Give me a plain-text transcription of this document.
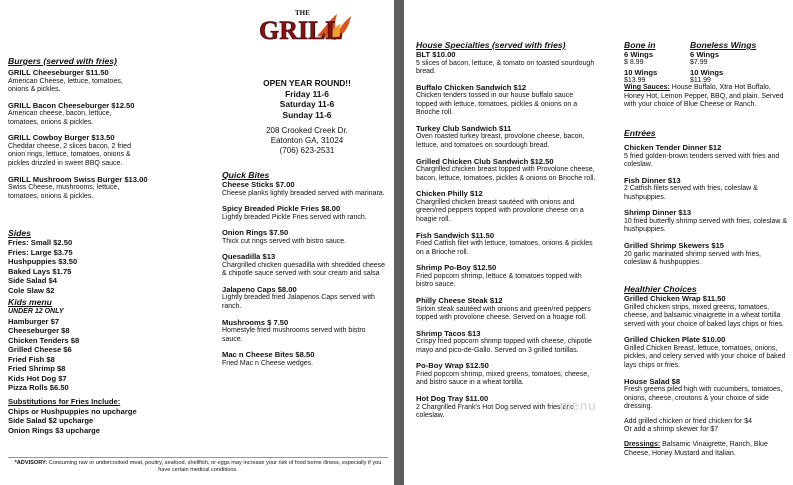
THE
GRILL
Burgers (served with fries)
GRILL Cheeseburger $11.50
American Cheese, lettuce, tomatoes, onions & pickles.
GRILL Bacon Cheeseburger $12.50
American cheese, bacon, lettuce, tomatoes, onions & pickles.
GRILL Cowboy Burger $13.50
Cheddar cheese, 2 slices bacon, 2 fried onion rings, lettuce, tomatoes, onions & pickles drizzled in sweet BBQ sauce.
GRILL Mushroom Swiss Burger $13.00
Swiss Cheese, mushrooms, lettuce, tomatoes, onions & pickles.
Sides
Fries: Small $2.50
Fries: Large $3.75
Hushpuppies $3.50
Baked Lays $1.75
Side Salad $4
Cole Slaw $2
Kids menu
UNDER 12 ONLY
Hamburger $7
Cheeseburger $8
Chicken Tenders $8
Grilled Cheese $6
Fried Fish $8
Fried Shrimp $8
Kids Hot Dog $7
Pizza Rolls $6.50
Substitutions for Fries Include:
Chips or Hushpuppies no upcharge
Side Salad $2 upcharge
Onion Rings $3 upcharge
OPEN YEAR ROUND!!
Friday 11-6
Saturday 11-6
Sunday 11-6
208 Crooked Creek Dr.
Eatonton GA, 31024
(706) 623-2531
Quick Bites
Cheese Sticks $7.00
Cheese planks lightly breaded served with marinara.
Spicy Breaded Pickle Fries $8.00
Lightly breaded Pickle Fries served with ranch.
Onion Rings $7.50
Thick cut rings served with bistro sauce.
Quesadilla $13
Chargrilled chicken quesadilla with shredded cheese & chipotle sauce served with sour cream and salsa
Jalapeno Caps $8.00
Lightly breaded fried Jalapenos Caps served with ranch.
Mushrooms $ 7.50
Homestyle fried mushrooms served with bistro sauce.
Mac n Cheese Bites $8.50
Fried Mac n Cheese wedges.
*ADVISORY: Consuming raw or undercooked meat, poultry, seafood, shellfish, or eggs may increase your risk of food borne illness, especially if you have certain medical conditions.
House Specialties (served with fries)
BLT $10.00
5 slices of bacon, lettuce, & tomato on toasted sourdough bread.
Buffalo Chicken Sandwich $12
Chicken tenders tossed in our house buffalo sauce topped with lettuce, tomatoes, pickles & onions on a Brioche roll.
Turkey Club Sandwich $11
Oven roasted turkey breast, provolone cheese, bacon, lettuce, and tomatoes on sourdough bread.
Grilled Chicken Club Sandwich $12.50
Chargrilled chicken breast topped with Provolone cheese, bacon, lettuce, tomatoes, pickles & onions on Brioche roll.
Chicken Philly $12
Chargrilled chicken breast sautéed with onions and green/red peppers topped with provolone cheese on a hoagie roll.
Fish Sandwich $11.50
Fried Catfish filet with lettuce, tomatoes, onions & pickles on a Brioche roll.
Shrimp Po-Boy $12.50
Fried popcorn shrimp, lettuce & tomatoes topped with bistro sauce.
Philly Cheese Steak $12
Sirloin steak sautéed with onions and green/red peppers topped with provolone cheese. Served on a hoagie roll.
Shrimp Tacos $13
Crispy fried popcorn shrimp topped with cheese, chipotle mayo and pico-de-Gallo. Served on 3 grilled tortillas.
Po-Boy Wrap $12.50
Fried popcorn shrimp, mixed greens, tomatoes, cheese, and bistro sauce in a wheat tortilla.
Hot Dog Tray $11.00
2 Chargrilled Frank's Hot Dog served with fries and coleslaw.
Bone in
6 Wings
$ 8.99
10 Wings
$13.99
Boneless Wings
6 Wings
$7.99
10 Wings
$11.99
Wing Sauces: House Buffalo, Xtra Hot Buffalo, Honey Hot, Lemon Pepper, BBQ, and plain. Served with your choice of Blue Cheese or Ranch.
Entrées
Chicken Tender Dinner $12
5 fried golden-brown tenders served with fries and coleslaw.
Fish Dinner $13
2 Catfish filets served with fries, coleslaw & hushpuppies.
Shrimp Dinner $13
10 fried butterfly shrimp served with fries, coleslaw & hushpuppies.
Grilled Shrimp Skewers $15
20 garlic marinated shrimp served with fries, coleslaw & hushpuppies.
Healthier Choices
Grilled Chicken Wrap $11.50
Grilled chicken strips, mixed greens, tomatoes, cheese, and balsamic vinaigrette in a wheat tortilla served with your choice of baked lays chips or fries.
Grilled Chicken Plate $10.00
Grilled Chicken Breast, lettuce, tomatoes, onions, pickles, and celery served with your choice of baked lays chips or fries.
House Salad $8
Fresh greens piled high with cucumbers, tomatoes, onions, cheese, croutons & your choice of side dressing.
Add grilled chicken or fried chicken for $4
Or add a shrimp skewer for $7
Dressings: Balsamic Vinaigrette, Ranch, Blue Cheese, Honey Mustard and Italian.
menu
